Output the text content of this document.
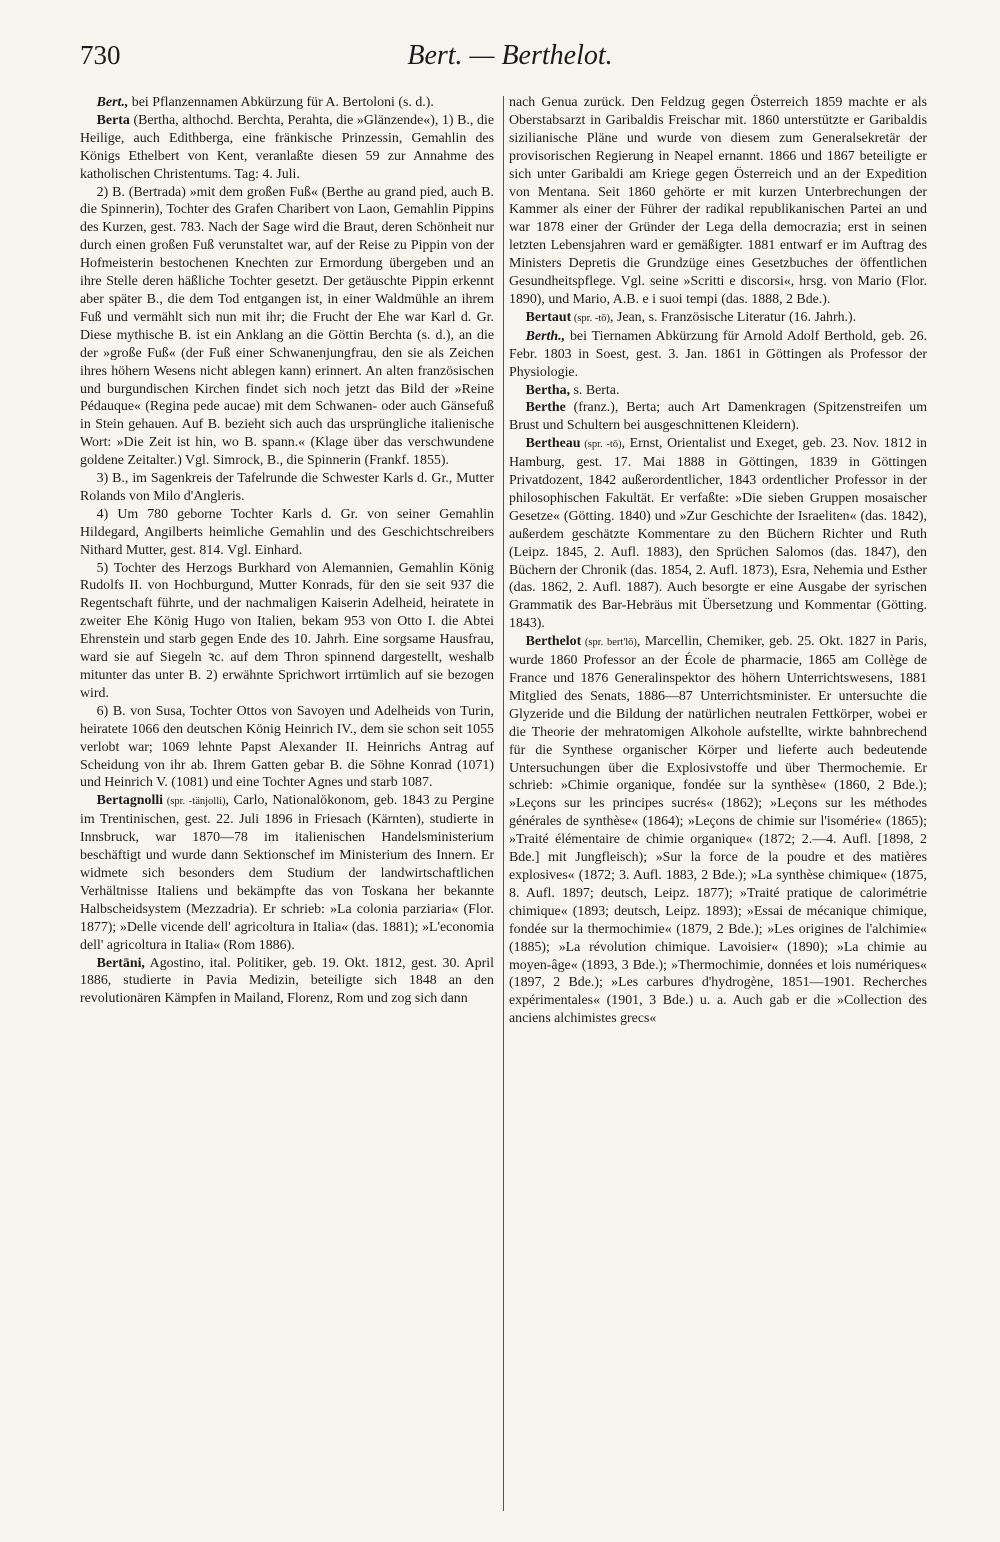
730	Bert. — Berthelot.

Bert., bei Pflanzennamen Abkürzung für A. Bertoloni (s. d.).

Berta (Bertha, althochd. Berchta, Perahta, die »Glänzende«), 1) B., die Heilige, auch Edithberga, eine fränkische Prinzessin, Gemahlin des Königs Ethelbert von Kent, veranlaßte diesen 59 zur Annahme des katholischen Christentums. Tag: 4. Juli.

2) B. (Bertrada) »mit dem großen Fuß« (Berthe au grand pied, auch B. die Spinnerin), Tochter des Grafen Charibert von Laon, Gemahlin Pippins des Kurzen, gest. 783. Nach der Sage wird die Braut, deren Schönheit nur durch einen großen Fuß verunstaltet war, auf der Reise zu Pippin von der Hofmeisterin bestochenen Knechten zur Ermordung übergeben und an ihre Stelle deren häßliche Tochter gesetzt. Der getäuschte Pippin erkennt aber später B., die dem Tod entgangen ist, in einer Waldmühle an ihrem Fuß und vermählt sich nun mit ihr; die Frucht der Ehe war Karl d. Gr. Diese mythische B. ist ein Anklang an die Göttin Berchta (s. d.), an die der »große Fuß« (der Fuß einer Schwanenjungfrau, den sie als Zeichen ihres höhern Wesens nicht ablegen kann) erinnert. An alten französischen und burgundischen Kirchen findet sich noch jetzt das Bild der »Reine Pédauque« (Regina pede aucae) mit dem Schwanen- oder auch Gänsefuß in Stein gehauen. Auf B. bezieht sich auch das ursprüngliche italienische Wort: »Die Zeit ist hin, wo B. spann.« (Klage über das verschwundene goldene Zeitalter.) Vgl. Simrock, B., die Spinnerin (Frankf. 1855).

3) B., im Sagenkreis der Tafelrunde die Schwester Karls d. Gr., Mutter Rolands von Milo d'Angleris.

4) Um 780 geborne Tochter Karls d. Gr. von seiner Gemahlin Hildegard, Angilberts heimliche Gemahlin und des Geschichtschreibers Nithard Mutter, gest. 814. Vgl. Einhard.

5) Tochter des Herzogs Burkhard von Alemannien, Gemahlin König Rudolfs II. von Hochburgund, Mutter Konrads, für den sie seit 937 die Regentschaft führte, und der nachmaligen Kaiserin Adelheid, heiratete in zweiter Ehe König Hugo von Italien, bekam 953 von Otto I. die Abtei Ehrenstein und starb gegen Ende des 10. Jahrh. Eine sorgsame Hausfrau, ward sie auf Siegeln ꝛc. auf dem Thron spinnend dargestellt, weshalb mitunter das unter B. 2) erwähnte Sprichwort irrtümlich auf sie bezogen wird.

6) B. von Susa, Tochter Ottos von Savoyen und Adelheids von Turin, heiratete 1066 den deutschen König Heinrich IV., dem sie schon seit 1055 verlobt war; 1069 lehnte Papst Alexander II. Heinrichs Antrag auf Scheidung von ihr ab. Ihrem Gatten gebar B. die Söhne Konrad (1071) und Heinrich V. (1081) und eine Tochter Agnes und starb 1087.

Bertagnolli (spr. -tänjolli), Carlo, Nationalökonom, geb. 1843 zu Pergine im Trentinischen, gest. 22. Juli 1896 in Friesach (Kärnten), studierte in Innsbruck, war 1870—78 im italienischen Handelsministerium beschäftigt und wurde dann Sektionschef im Ministerium des Innern. Er widmete sich besonders dem Studium der landwirtschaftlichen Verhältnisse Italiens und bekämpfte das von Toskana her bekannte Halbscheidsystem (Mezzadria). Er schrieb: »La colonia parziaria« (Flor. 1877); »Delle vicende dell' agricoltura in Italia« (das. 1881); »L'economia dell' agricoltura in Italia« (Rom 1886).

Bertāni, Agostino, ital. Politiker, geb. 19. Okt. 1812, gest. 30. April 1886, studierte in Pavia Medizin, beteiligte sich 1848 an den revolutionären Kämpfen in Mailand, Florenz, Rom und zog sich dann

nach Genua zurück. Den Feldzug gegen Österreich 1859 machte er als Oberstabsarzt in Garibaldis Freischar mit. 1860 unterstützte er Garibaldis sizilianische Pläne und wurde von diesem zum Generalsekretär der provisorischen Regierung in Neapel ernannt. 1866 und 1867 beteiligte er sich unter Garibaldi am Kriege gegen Österreich und an der Expedition von Mentana. Seit 1860 gehörte er mit kurzen Unterbrechungen der Kammer als einer der Führer der radikal republikanischen Partei an und war 1878 einer der Gründer der Lega della democrazia; erst in seinen letzten Lebensjahren ward er gemäßigter. 1881 entwarf er im Auftrag des Ministers Depretis die Grundzüge eines Gesetzbuches der öffentlichen Gesundheitspflege. Vgl. seine »Scritti e discorsi«, hrsg. von Mario (Flor. 1890), und Mario, A.B. e i suoi tempi (das. 1888, 2 Bde.).

Bertaut (spr. -tō), Jean, s. Französische Literatur (16. Jahrh.).

Berth., bei Tiernamen Abkürzung für Arnold Adolf Berthold, geb. 26. Febr. 1803 in Soest, gest. 3. Jan. 1861 in Göttingen als Professor der Physiologie.

Bertha, s. Berta.

Berthe (franz.), Berta; auch Art Damenkragen (Spitzenstreifen um Brust und Schultern bei ausgeschnittenen Kleidern).

Bertheau (spr. -tō), Ernst, Orientalist und Exeget, geb. 23. Nov. 1812 in Hamburg, gest. 17. Mai 1888 in Göttingen, 1839 in Göttingen Privatdozent, 1842 außerordentlicher, 1843 ordentlicher Professor in der philosophischen Fakultät. Er verfaßte: »Die sieben Gruppen mosaischer Gesetze« (Götting. 1840) und »Zur Geschichte der Israeliten« (das. 1842), außerdem geschätzte Kommentare zu den Büchern Richter und Ruth (Leipz. 1845, 2. Aufl. 1883), den Sprüchen Salomos (das. 1847), den Büchern der Chronik (das. 1854, 2. Aufl. 1873), Esra, Nehemia und Esther (das. 1862, 2. Aufl. 1887). Auch besorgte er eine Ausgabe der syrischen Grammatik des Bar-Hebräus mit Übersetzung und Kommentar (Götting. 1843).

Berthelot (spr. bert'lō), Marcellin, Chemiker, geb. 25. Okt. 1827 in Paris, wurde 1860 Professor an der École de pharmacie, 1865 am Collège de France und 1876 Generalinspektor des höhern Unterrichtswesens, 1881 Mitglied des Senats, 1886—87 Unterrichtsminister. Er untersuchte die Glyzeride und die Bildung der natürlichen neutralen Fettkörper, wobei er die Theorie der mehratomigen Alkohole aufstellte, wirkte bahnbrechend für die Synthese organischer Körper und lieferte auch bedeutende Untersuchungen über die Explosivstoffe und über Thermochemie. Er schrieb: »Chimie organique, fondée sur la synthèse« (1860, 2 Bde.); »Leçons sur les principes sucrés« (1862); »Leçons sur les méthodes générales de synthèse« (1864); »Leçons de chimie sur l'isomérie« (1865); »Traité élémentaire de chimie organique« (1872; 2.—4. Aufl. [1898, 2 Bde.] mit Jungfleisch); »Sur la force de la poudre et des matières explosives« (1872; 3. Aufl. 1883, 2 Bde.); »La synthèse chimique« (1875, 8. Aufl. 1897; deutsch, Leipz. 1877); »Traité pratique de calorimétrie chimique« (1893; deutsch, Leipz. 1893); »Essai de mécanique chimique, fondée sur la thermochimie« (1879, 2 Bde.); »Les origines de l'alchimie« (1885); »La révolution chimique. Lavoisier« (1890); »La chimie au moyen-âge« (1893, 3 Bde.); »Thermochimie, données et lois numériques« (1897, 2 Bde.); »Les carbures d'hydrogène, 1851—1901. Recherches expérimentales« (1901, 3 Bde.) u. a. Auch gab er die »Collection des anciens alchimistes grecs«
